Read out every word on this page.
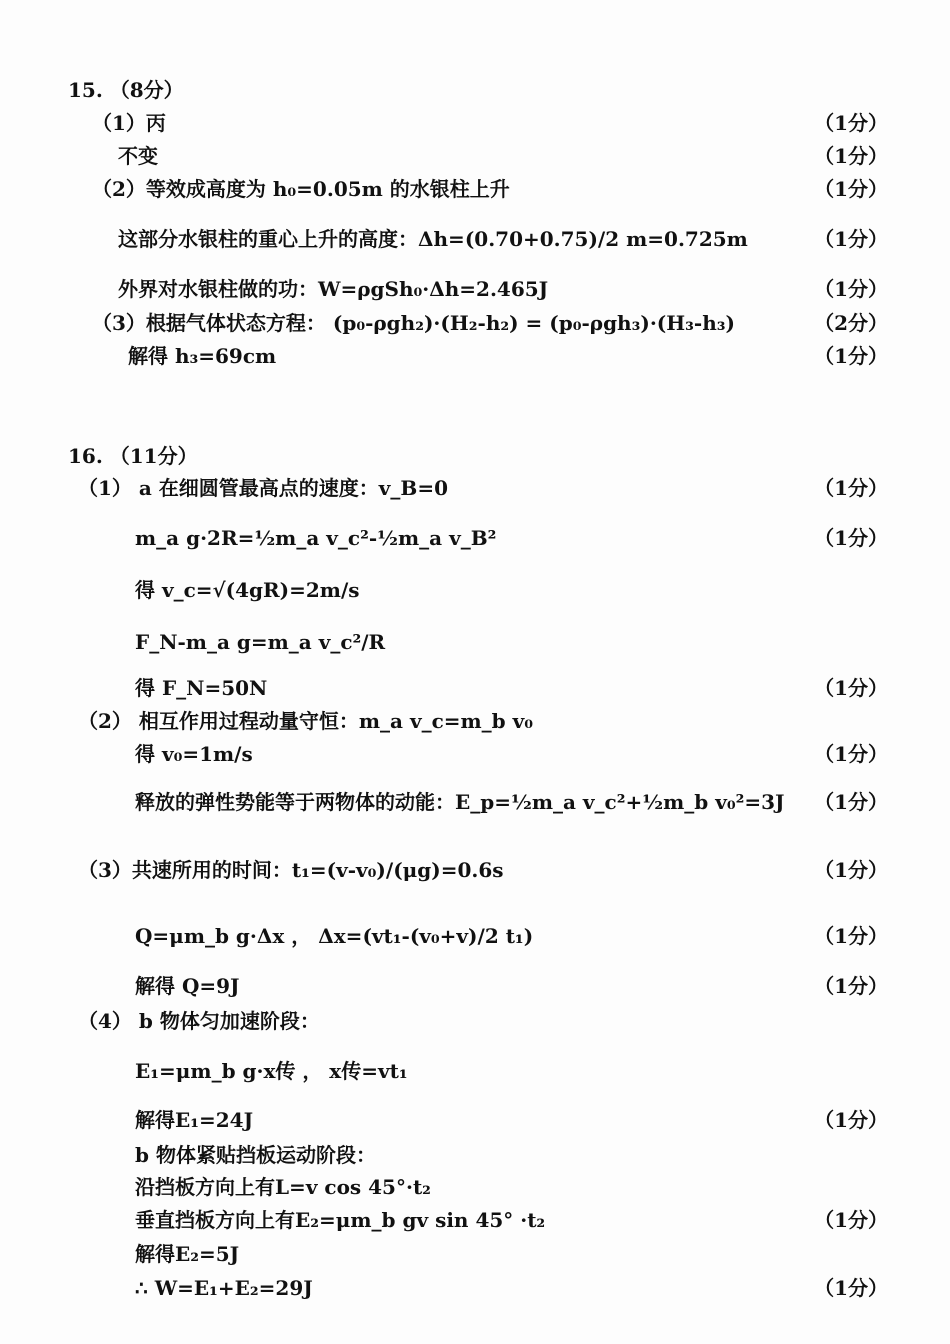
15. （8分）
（1）丙	（1分）
不变	（1分）
（2）等效成高度为 h₀=0.05m 的水银柱上升	（1分）
这部分水银柱的重心上升的高度：Δh=(0.70+0.75)/2 m=0.725m	（1分）
外界对水银柱做的功：W=ρgSh₀·Δh=2.465J	（1分）
（3）根据气体状态方程： (p₀-ρgh₂)·(H₂-h₂) = (p₀-ρgh₃)·(H₃-h₃)	（2分）
解得 h₃=69cm	（1分）
16. （11分）
（1） a 在细圆管最高点的速度：v_B=0	（1分）
m_a g·2R=½m_a v_c²-½m_a v_B²	（1分）
得 v_c=√(4gR)=2m/s
F_N-m_a g=m_a v_c²/R
得 F_N=50N	（1分）
（2） 相互作用过程动量守恒：m_a v_c=m_b v₀
得 v₀=1m/s	（1分）
释放的弹性势能等于两物体的动能：E_p=½m_a v_c²+½m_b v₀²=3J （1分）
（3）共速所用的时间：t₁=(v-v₀)/(μg)=0.6s	（1分）
Q=μm_b g·Δx ， Δx=(vt₁-(v₀+v)/2 t₁)	（1分）
解得 Q=9J	（1分）
（4） b 物体匀加速阶段：
E₁=μm_b g·x传 ， x传=vt₁
解得E₁=24J	（1分）
b 物体紧贴挡板运动阶段：
沿挡板方向上有L=v cos 45°·t₂
垂直挡板方向上有E₂=μm_b gv sin 45° ·t₂	（1分）
解得E₂=5J
∴ W=E₁+E₂=29J	（1分）
